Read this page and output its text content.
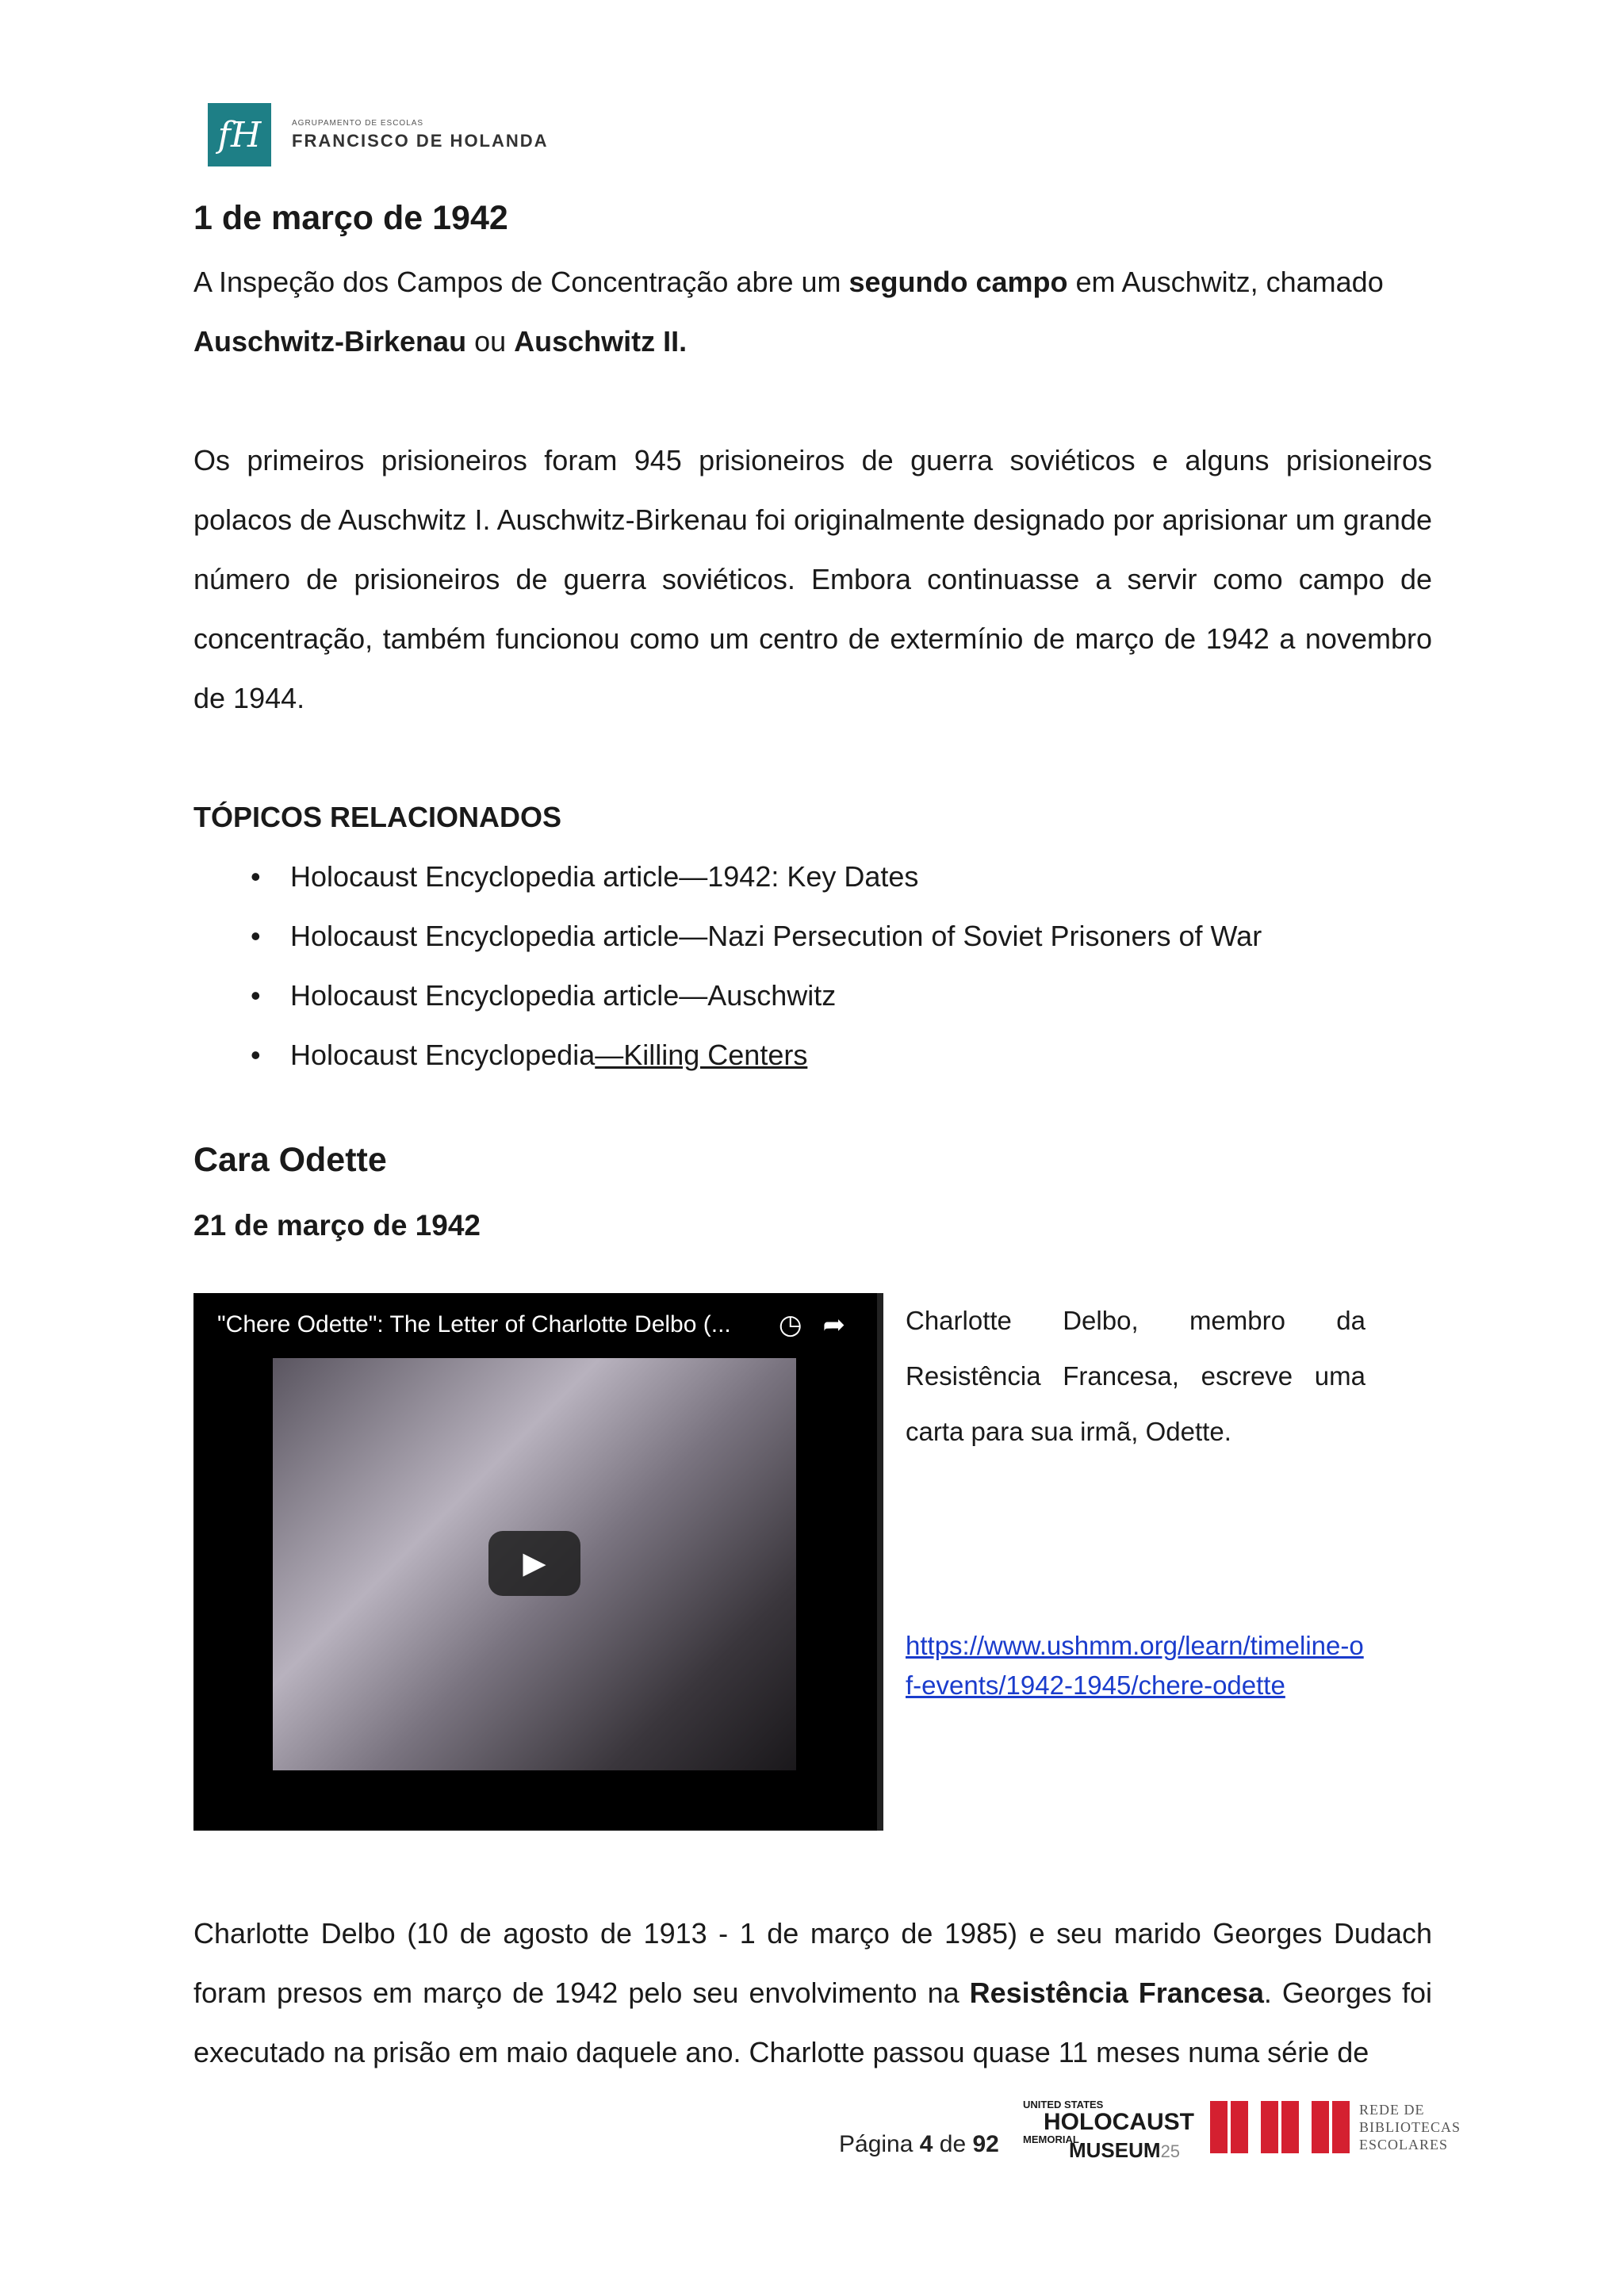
fH	AGRUPAMENTO DE ESCOLAS
FRANCISCO DE HOLANDA
1 de março de 1942

A Inspeção dos Campos de Concentração abre um segundo campo em Auschwitz, chamado
Auschwitz-Birkenau ou Auschwitz II.

Os primeiros prisioneiros foram 945 prisioneiros de guerra soviéticos e alguns prisioneiros polacos de Auschwitz I. Auschwitz-Birkenau foi originalmente designado por aprisionar um grande número de prisioneiros de guerra soviéticos. Embora continuasse a servir como campo de concentração, também funcionou como um centro de extermínio de março de 1942 a novembro de 1944.

TÓPICOS RELACIONADOS
• Holocaust Encyclopedia article—1942: Key Dates
• Holocaust Encyclopedia article—Nazi Persecution of Soviet Prisoners of War
• Holocaust Encyclopedia article—Auschwitz
• Holocaust Encyclopedia—Killing Centers
Cara Odette
21 de março de 1942
"Chere Odette": The Letter of Charlotte Delbo (...	◷ ➦
▶
Charlotte Delbo, membro da Resistência Francesa, escreve uma carta para sua irmã, Odette.
https://www.ushmm.org/learn/timeline-of-events/1942-1945/chere-odette

Charlotte Delbo (10 de agosto de 1913 - 1 de março de 1985) e seu marido Georges Dudach foram presos em março de 1942 pelo seu envolvimento na Resistência Francesa. Georges foi executado na prisão em maio daquele ano. Charlotte passou quase 11 meses numa série de

Página 4 de 92
UNITED STATES
HOLOCAUST
MEMORIAL
MUSEUM25
REDE DE
BIBLIOTECAS
ESCOLARES
